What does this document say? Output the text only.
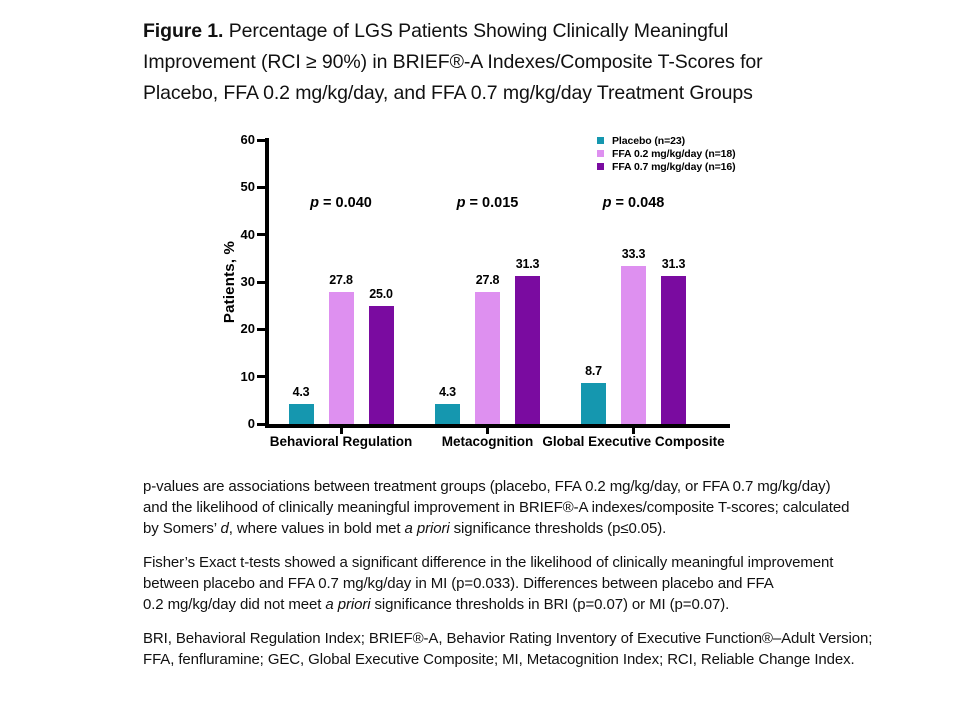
Figure 1. Percentage of LGS Patients Showing Clinically Meaningful
Improvement (RCI ≥ 90%) in BRIEF®-A Indexes/Composite T-Scores for
Placebo, FFA 0.2 mg/kg/day, and FFA 0.7 mg/kg/day Treatment Groups
Patients, %
Placebo (n=23)
FFA 0.2 mg/kg/day (n=18)
FFA 0.7 mg/kg/day (n=16)
0
10
20
30
40
50
60
Behavioral Regulation
p = 0.040
4.3
27.8
25.0
Metacognition
p = 0.015
4.3
27.8
31.3
Global Executive Composite
p = 0.048
8.7
33.3
31.3

p-values are associations between treatment groups (placebo, FFA 0.2 mg/kg/day, or FFA 0.7 mg/kg/day)
and the likelihood of clinically meaningful improvement in BRIEF®-A indexes/composite T-scores; calculated
by Somers’ d, where values in bold met a priori significance thresholds (p≤0.05).

Fisher’s Exact t-tests showed a significant difference in the likelihood of clinically meaningful improvement
between placebo and FFA 0.7 mg/kg/day in MI (p=0.033). Differences between placebo and FFA
0.2 mg/kg/day did not meet a priori significance thresholds in BRI (p=0.07) or MI (p=0.07).

BRI, Behavioral Regulation Index; BRIEF®-A, Behavior Rating Inventory of Executive Function®–Adult Version;
FFA, fenfluramine; GEC, Global Executive Composite; MI, Metacognition Index; RCI, Reliable Change Index.
